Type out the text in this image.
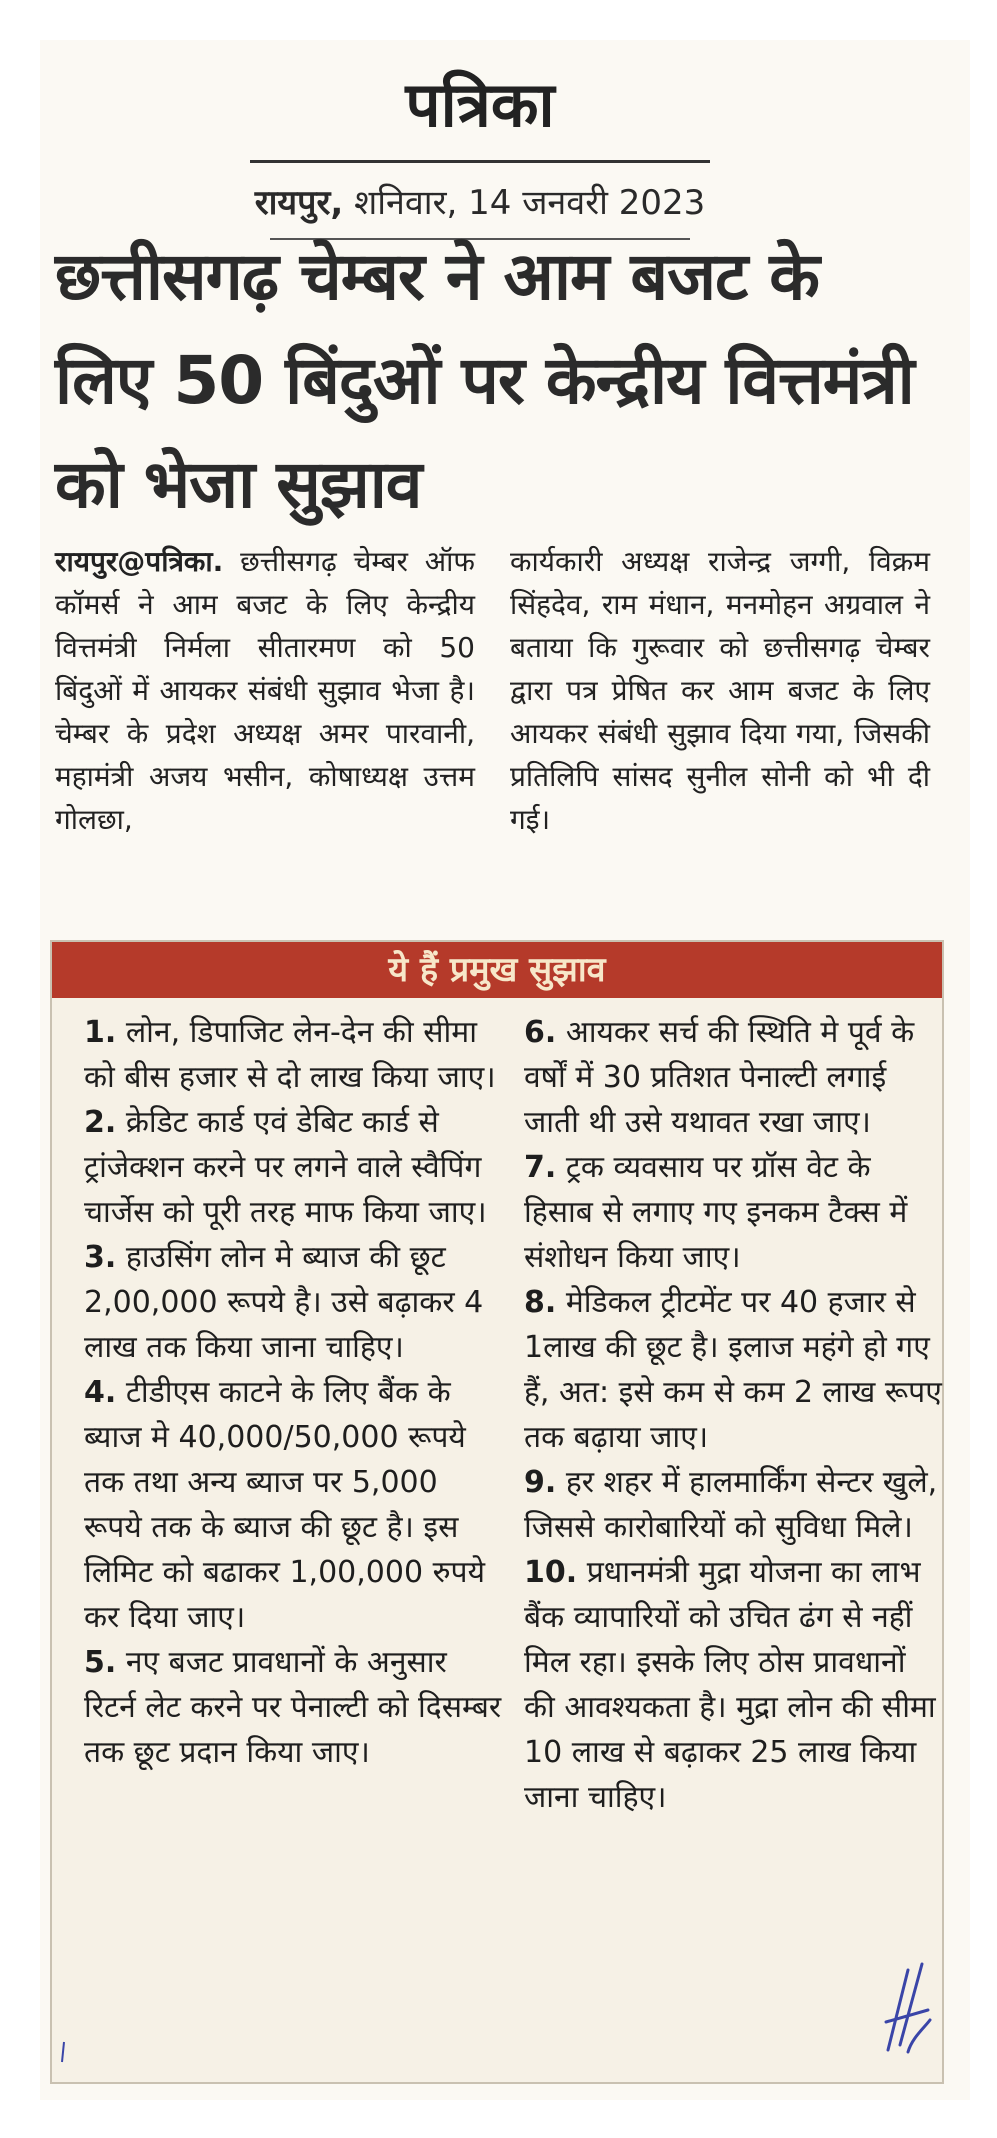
पत्रिका
रायपुर, शनिवार, 14 जनवरी 2023
छत्तीसगढ़ चेम्बर ने आम बजट के लिए 50 बिंदुओं पर केन्द्रीय वित्तमंत्री को भेजा सुझाव
रायपुर@पत्रिका. छत्तीसगढ़ चेम्बर ऑफ कॉमर्स ने आम बजट के लिए केन्द्रीय वित्तमंत्री निर्मला सीतारमण को 50 बिंदुओं में आयकर संबंधी सुझाव भेजा है। चेम्बर के प्रदेश अध्यक्ष अमर पारवानी, महामंत्री अजय भसीन, कोषाध्यक्ष उत्तम गोलछा,
कार्यकारी अध्यक्ष राजेन्द्र जग्गी, विक्रम सिंहदेव, राम मंधान, मनमोहन अग्रवाल ने बताया कि गुरूवार को छत्तीसगढ़ चेम्बर द्वारा पत्र प्रेषित कर आम बजट के लिए आयकर संबंधी सुझाव दिया गया, जिसकी प्रतिलिपि सांसद सुनील सोनी को भी दी गई।
ये हैं प्रमुख सुझाव
1. लोन, डिपाजिट लेन-देन की सीमा को बीस हजार से दो लाख किया जाए।
2. क्रेडिट कार्ड एवं डेबिट कार्ड से ट्रांजेक्शन करने पर लगने वाले स्वैपिंग चार्जेस को पूरी तरह माफ किया जाए।
3. हाउसिंग लोन मे ब्याज की छूट 2,00,000 रूपये है। उसे बढ़ाकर 4 लाख तक किया जाना चाहिए।
4. टीडीएस काटने के लिए बैंक के ब्याज मे 40,000/50,000 रूपये तक तथा अन्य ब्याज पर 5,000 रूपये तक के ब्याज की छूट है। इस लिमिट को बढाकर 1,00,000 रुपये कर दिया जाए।
5. नए बजट प्रावधानों के अनुसार रिटर्न लेट करने पर पेनाल्टी को दिसम्बर तक छूट प्रदान किया जाए।
6. आयकर सर्च की स्थिति मे पूर्व के वर्षों में 30 प्रतिशत पेनाल्टी लगाई जाती थी उसे यथावत रखा जाए।
7. ट्रक व्यवसाय पर ग्रॉस वेट के हिसाब से लगाए गए इनकम टैक्स में संशोधन किया जाए।
8. मेडिकल ट्रीटमेंट पर 40 हजार से 1लाख की छूट है। इलाज महंगे हो गए हैं, अत: इसे कम से कम 2 लाख रूपए तक बढ़ाया जाए।
9. हर शहर में हालमार्किंग सेन्टर खुले, जिससे कारोबारियों को सुविधा मिले।
10. प्रधानमंत्री मुद्रा योजना का लाभ बैंक व्यापारियों को उचित ढंग से नहीं मिल रहा। इसके लिए ठोस प्रावधानों की आवश्यकता है। मुद्रा लोन की सीमा 10 लाख से बढ़ाकर 25 लाख किया जाना चाहिए।
